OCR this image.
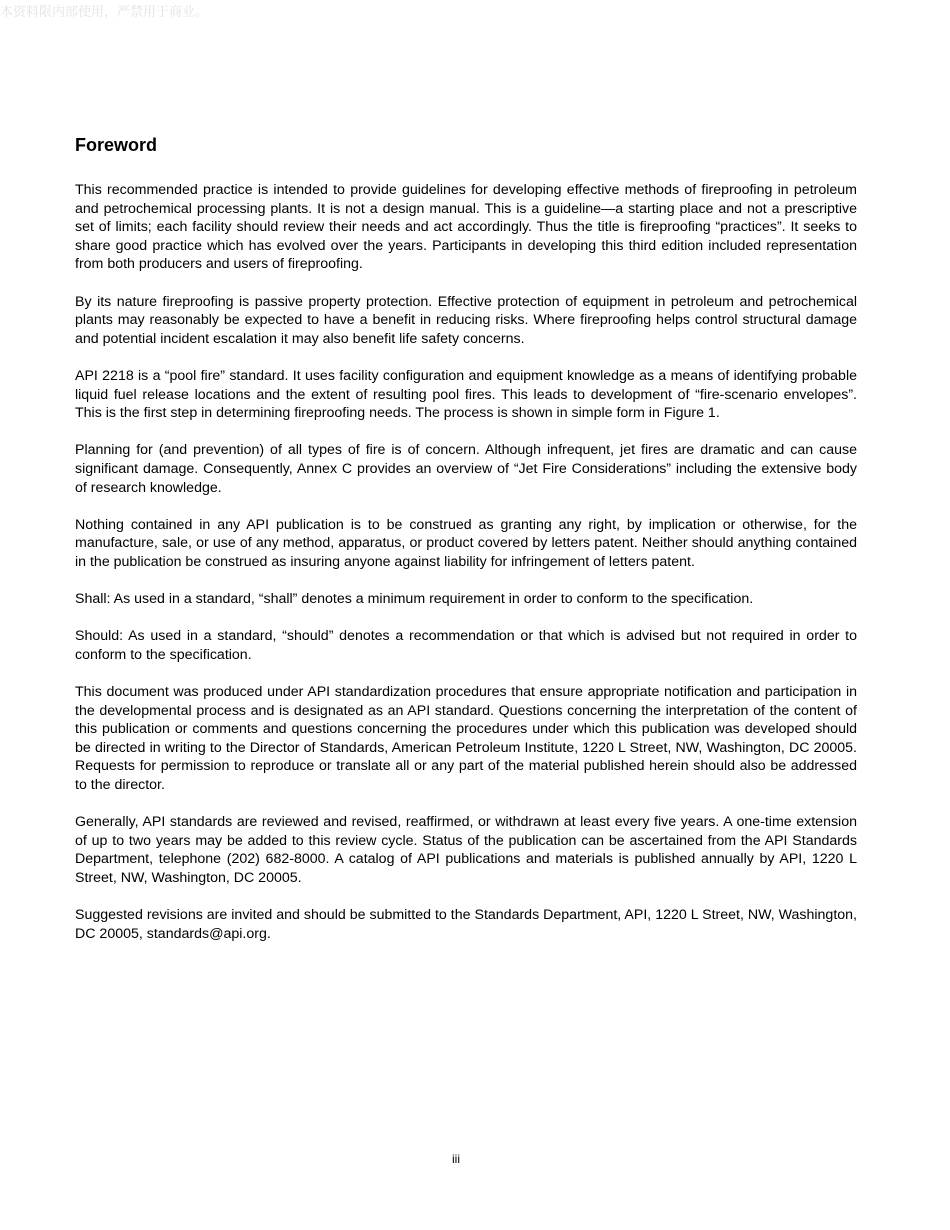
本资料限内部使用，严禁用于商业。
Foreword

This recommended practice is intended to provide guidelines for developing effective methods of fireproofing in petroleum and petrochemical processing plants. It is not a design manual. This is a guideline—a starting place and not a prescriptive set of limits; each facility should review their needs and act accordingly. Thus the title is fireproofing “practices”. It seeks to share good practice which has evolved over the years. Participants in developing this third edition included representation from both producers and users of fireproofing.

By its nature fireproofing is passive property protection. Effective protection of equipment in petroleum and petrochemical plants may reasonably be expected to have a benefit in reducing risks. Where fireproofing helps control structural damage and potential incident escalation it may also benefit life safety concerns.

API 2218 is a “pool fire” standard. It uses facility configuration and equipment knowledge as a means of identifying probable liquid fuel release locations and the extent of resulting pool fires. This leads to development of “fire-scenario envelopes”. This is the first step in determining fireproofing needs. The process is shown in simple form in Figure 1.

Planning for (and prevention) of all types of fire is of concern. Although infrequent, jet fires are dramatic and can cause significant damage. Consequently, Annex C provides an overview of “Jet Fire Considerations” including the extensive body of research knowledge.

Nothing contained in any API publication is to be construed as granting any right, by implication or otherwise, for the manufacture, sale, or use of any method, apparatus, or product covered by letters patent. Neither should anything contained in the publication be construed as insuring anyone against liability for infringement of letters patent.

Shall: As used in a standard, “shall” denotes a minimum requirement in order to conform to the specification.

Should: As used in a standard, “should” denotes a recommendation or that which is advised but not required in order to conform to the specification.

This document was produced under API standardization procedures that ensure appropriate notification and participation in the developmental process and is designated as an API standard. Questions concerning the interpretation of the content of this publication or comments and questions concerning the procedures under which this publication was developed should be directed in writing to the Director of Standards, American Petroleum Institute, 1220 L Street, NW, Washington, DC 20005. Requests for permission to reproduce or translate all or any part of the material published herein should also be addressed to the director.

Generally, API standards are reviewed and revised, reaffirmed, or withdrawn at least every five years. A one-time extension of up to two years may be added to this review cycle. Status of the publication can be ascertained from the API Standards Department, telephone (202) 682-8000. A catalog of API publications and materials is published annually by API, 1220 L Street, NW, Washington, DC 20005.

Suggested revisions are invited and should be submitted to the Standards Department, API, 1220 L Street, NW, Washington, DC 20005, standards@api.org.

iii
